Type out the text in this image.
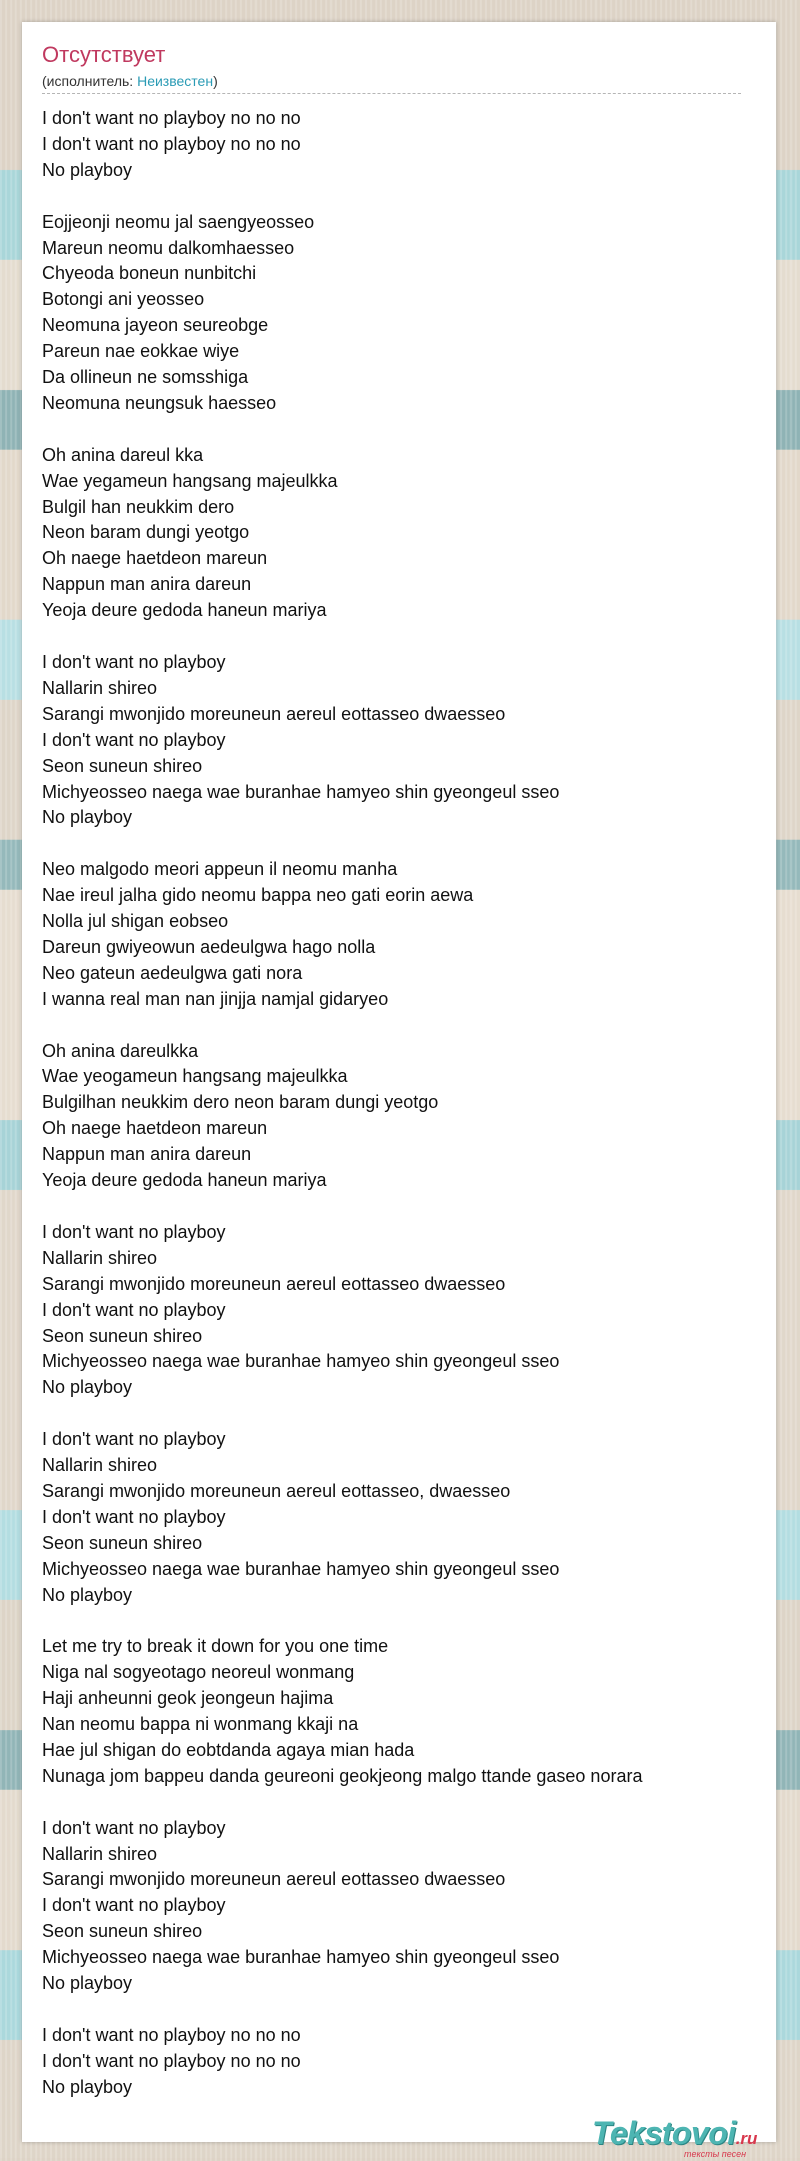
Отсутствует
(исполнитель: Неизвестен)
I don't want no playboy no no no
I don't want no playboy no no no
No playboy
Eojjeonji neomu jal saengyeosseo
Mareun neomu dalkomhaesseo
Chyeoda boneun nunbitchi
Botongi ani yeosseo
Neomuna jayeon seureobge
Pareun nae eokkae wiye
Da ollineun ne somsshiga
Neomuna neungsuk haesseo
Oh anina dareul kka
Wae yegameun hangsang majeulkka
Bulgil han neukkim dero
Neon baram dungi yeotgo
Oh naege haetdeon mareun
Nappun man anira dareun
Yeoja deure gedoda haneun mariya
I don't want no playboy
Nallarin shireo
Sarangi mwonjido moreuneun aereul eottasseo dwaesseo
I don't want no playboy
Seon suneun shireo
Michyeosseo naega wae buranhae hamyeo shin gyeongeul sseo
No playboy
Neo malgodo meori appeun il neomu manha
Nae ireul jalha gido neomu bappa neo gati eorin aewa
Nolla jul shigan eobseo
Dareun gwiyeowun aedeulgwa hago nolla
Neo gateun aedeulgwa gati nora
I wanna real man nan jinjja namjal gidaryeo
Oh anina dareulkka
Wae yeogameun hangsang majeulkka
Bulgilhan neukkim dero neon baram dungi yeotgo
Oh naege haetdeon mareun
Nappun man anira dareun
Yeoja deure gedoda haneun mariya
I don't want no playboy
Nallarin shireo
Sarangi mwonjido moreuneun aereul eottasseo dwaesseo
I don't want no playboy
Seon suneun shireo
Michyeosseo naega wae buranhae hamyeo shin gyeongeul sseo
No playboy
I don't want no playboy
Nallarin shireo
Sarangi mwonjido moreuneun aereul eottasseo, dwaesseo
I don't want no playboy
Seon suneun shireo
Michyeosseo naega wae buranhae hamyeo shin gyeongeul sseo
No playboy
Let me try to break it down for you one time
Niga nal sogyeotago neoreul wonmang
Haji anheunni geok jeongeun hajima
Nan neomu bappa ni wonmang kkaji na
Hae jul shigan do eobtdanda agaya mian hada
Nunaga jom bappeu danda geureoni geokjeong malgo ttande gaseo norara
I don't want no playboy
Nallarin shireo
Sarangi mwonjido moreuneun aereul eottasseo dwaesseo
I don't want no playboy
Seon suneun shireo
Michyeosseo naega wae buranhae hamyeo shin gyeongeul sseo
No playboy
I don't want no playboy no no no
I don't want no playboy no no no
No playboy
Tekstovoi.ru
тексты песен
